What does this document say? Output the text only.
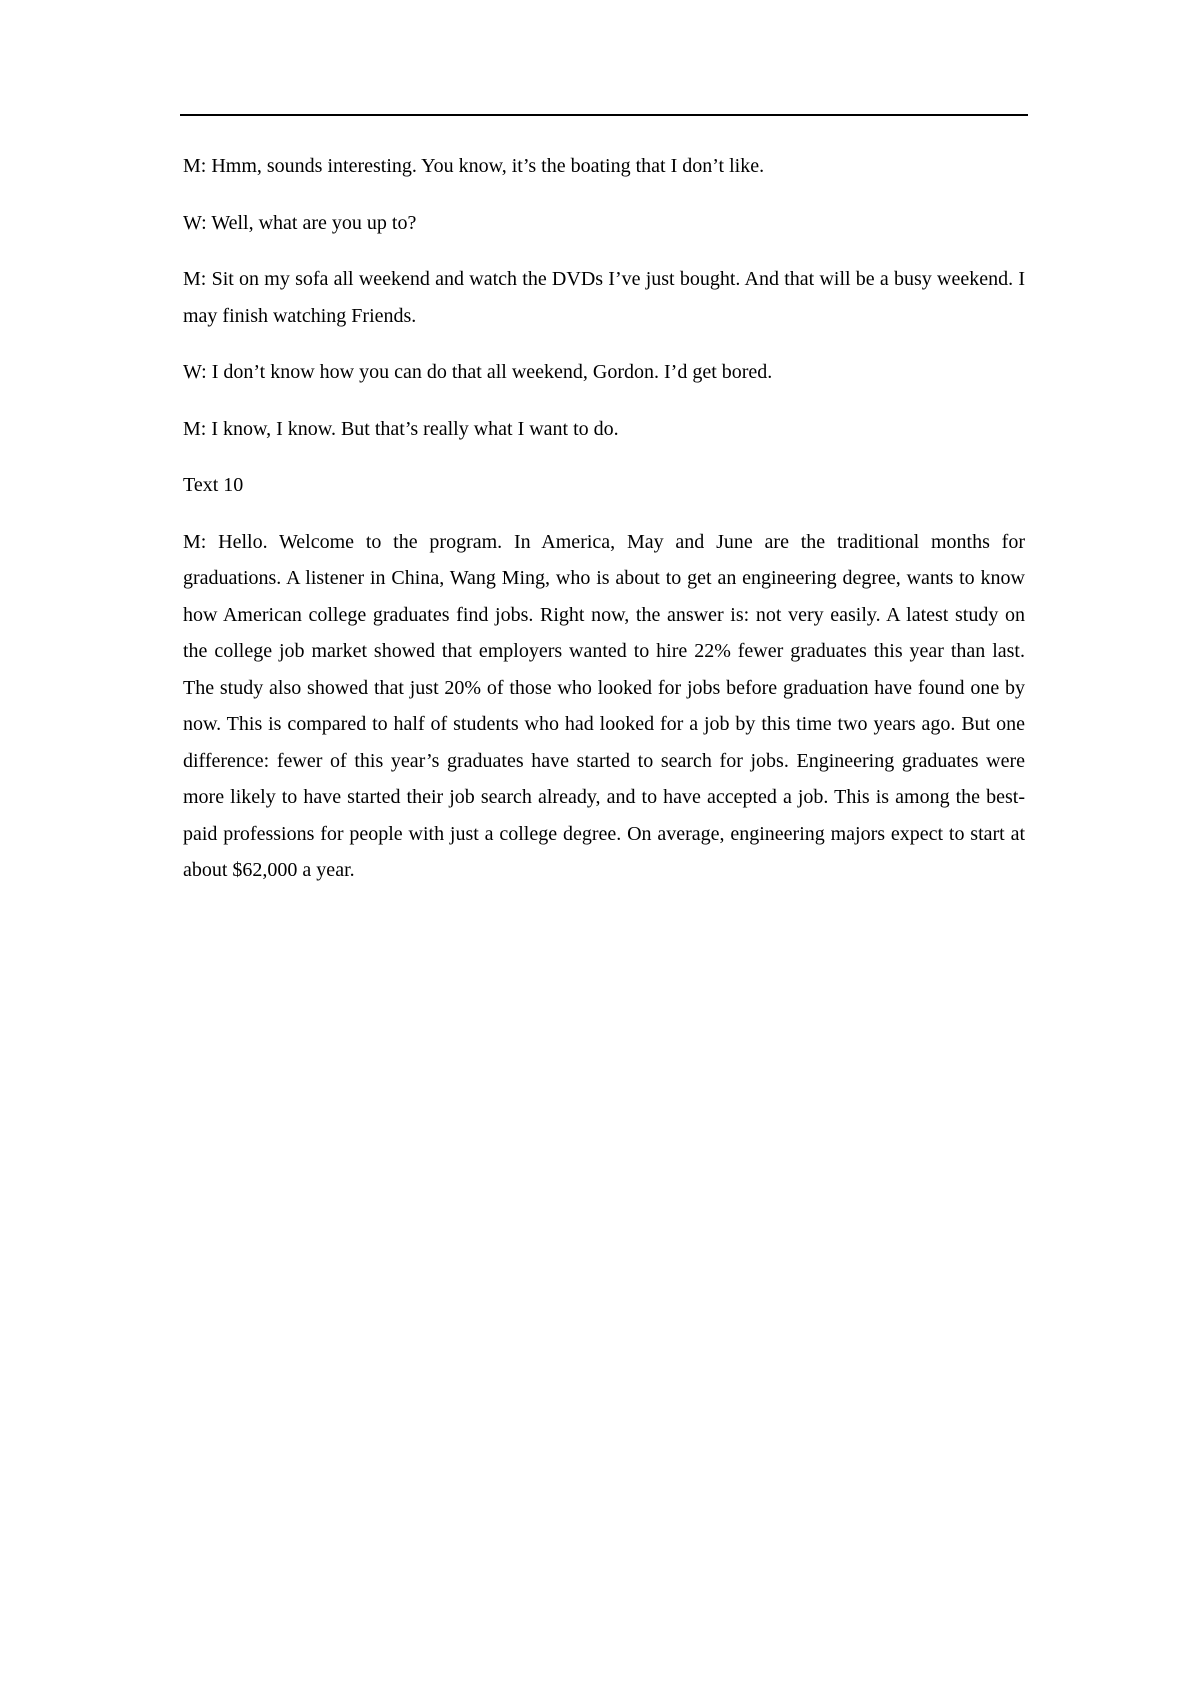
M: Hmm, sounds interesting. You know, it’s the boating that I don’t like.

W: Well, what are you up to?

M: Sit on my sofa all weekend and watch the DVDs I’ve just bought. And that will be a busy weekend. I may finish watching Friends.

W: I don’t know how you can do that all weekend, Gordon. I’d get bored.

M: I know, I know. But that’s really what I want to do.

Text 10

M: Hello. Welcome to the program. In America, May and June are the traditional months for graduations. A listener in China, Wang Ming, who is about to get an engineering degree, wants to know how American college graduates find jobs. Right now, the answer is: not very easily. A latest study on the college job market showed that employers wanted to hire 22% fewer graduates this year than last. The study also showed that just 20% of those who looked for jobs before graduation have found one by now. This is compared to half of students who had looked for a job by this time two years ago. But one difference: fewer of this year’s graduates have started to search for jobs. Engineering graduates were more likely to have started their job search already, and to have accepted a job. This is among the best-paid professions for people with just a college degree. On average, engineering majors expect to start at about $62,000 a year.
